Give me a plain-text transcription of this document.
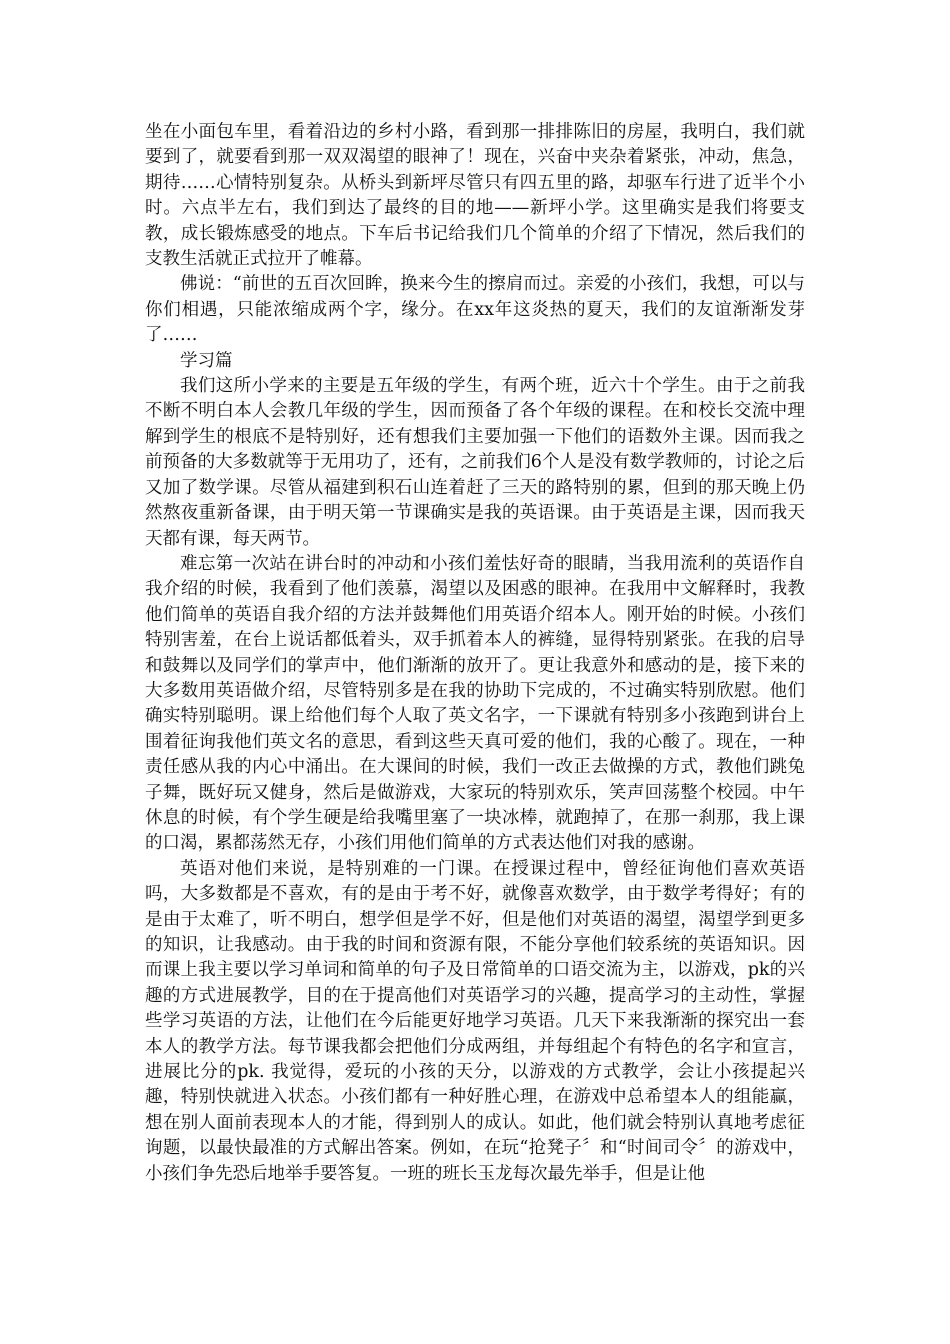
坐在小面包车里，看着沿边的乡村小路，看到那一排排陈旧的房屋，我明白，我们就要到了，就要看到那一双双渴望的眼神了！现在，兴奋中夹杂着紧张，冲动，焦急，期待……心情特别复杂。从桥头到新坪尽管只有四五里的路，却驱车行进了近半个小时。六点半左右，我们到达了最终的目的地——新坪小学。这里确实是我们将要支教，成长锻炼感受的地点。下车后书记给我们几个简单的介绍了下情况，然后我们的支教生活就正式拉开了帷幕。

佛说：“前世的五百次回眸，换来今生的擦肩而过。亲爱的小孩们，我想，可以与你们相遇，只能浓缩成两个字，缘分。在xx年这炎热的夏天，我们的友谊渐渐发芽了……

学习篇

我们这所小学来的主要是五年级的学生，有两个班，近六十个学生。由于之前我不断不明白本人会教几年级的学生，因而预备了各个年级的课程。在和校长交流中理解到学生的根底不是特别好，还有想我们主要加强一下他们的语数外主课。因而我之前预备的大多数就等于无用功了，还有，之前我们6个人是没有数学教师的，讨论之后又加了数学课。尽管从福建到积石山连着赶了三天的路特别的累，但到的那天晚上仍然熬夜重新备课，由于明天第一节课确实是我的英语课。由于英语是主课，因而我天天都有课，每天两节。

难忘第一次站在讲台时的冲动和小孩们羞怯好奇的眼睛，当我用流利的英语作自我介绍的时候，我看到了他们羡慕，渴望以及困惑的眼神。在我用中文解释时，我教他们简单的英语自我介绍的方法并鼓舞他们用英语介绍本人。刚开始的时候。小孩们特别害羞，在台上说话都低着头，双手抓着本人的裤缝，显得特别紧张。在我的启导和鼓舞以及同学们的掌声中，他们渐渐的放开了。更让我意外和感动的是，接下来的大多数用英语做介绍，尽管特别多是在我的协助下完成的，不过确实特别欣慰。他们确实特别聪明。课上给他们每个人取了英文名字，一下课就有特别多小孩跑到讲台上围着征询我他们英文名的意思，看到这些天真可爱的他们，我的心酸了。现在，一种责任感从我的内心中涌出。在大课间的时候，我们一改正去做操的方式，教他们跳兔子舞，既好玩又健身，然后是做游戏，大家玩的特别欢乐，笑声回荡整个校园。中午休息的时候，有个学生硬是给我嘴里塞了一块冰棒，就跑掉了，在那一刹那，我上课的口渴，累都荡然无存，小孩们用他们简单的方式表达他们对我的感谢。

英语对他们来说，是特别难的一门课。在授课过程中，曾经征询他们喜欢英语吗，大多数都是不喜欢，有的是由于考不好，就像喜欢数学，由于数学考得好；有的是由于太难了，听不明白，想学但是学不好，但是他们对英语的渴望，渴望学到更多的知识，让我感动。由于我的时间和资源有限，不能分享他们较系统的英语知识。因而课上我主要以学习单词和简单的句子及日常简单的口语交流为主，以游戏，pk的兴趣的方式进展教学，目的在于提高他们对英语学习的兴趣，提高学习的主动性，掌握些学习英语的方法，让他们在今后能更好地学习英语。几天下来我渐渐的探究出一套本人的教学方法。每节课我都会把他们分成两组，并每组起个有特色的名字和宣言，进展比分的pk. 我觉得，爱玩的小孩的天分，以游戏的方式教学，会让小孩提起兴趣，特别快就进入状态。小孩们都有一种好胜心理，在游戏中总希望本人的组能赢，想在别人面前表现本人的才能，得到别人的成认。如此，他们就会特别认真地考虑征询题，以最快最准的方式解出答案。例如，在玩“抢凳子〞和“时间司令〞的游戏中，小孩们争先恐后地举手要答复。一班的班长玉龙每次最先举手，但是让他
